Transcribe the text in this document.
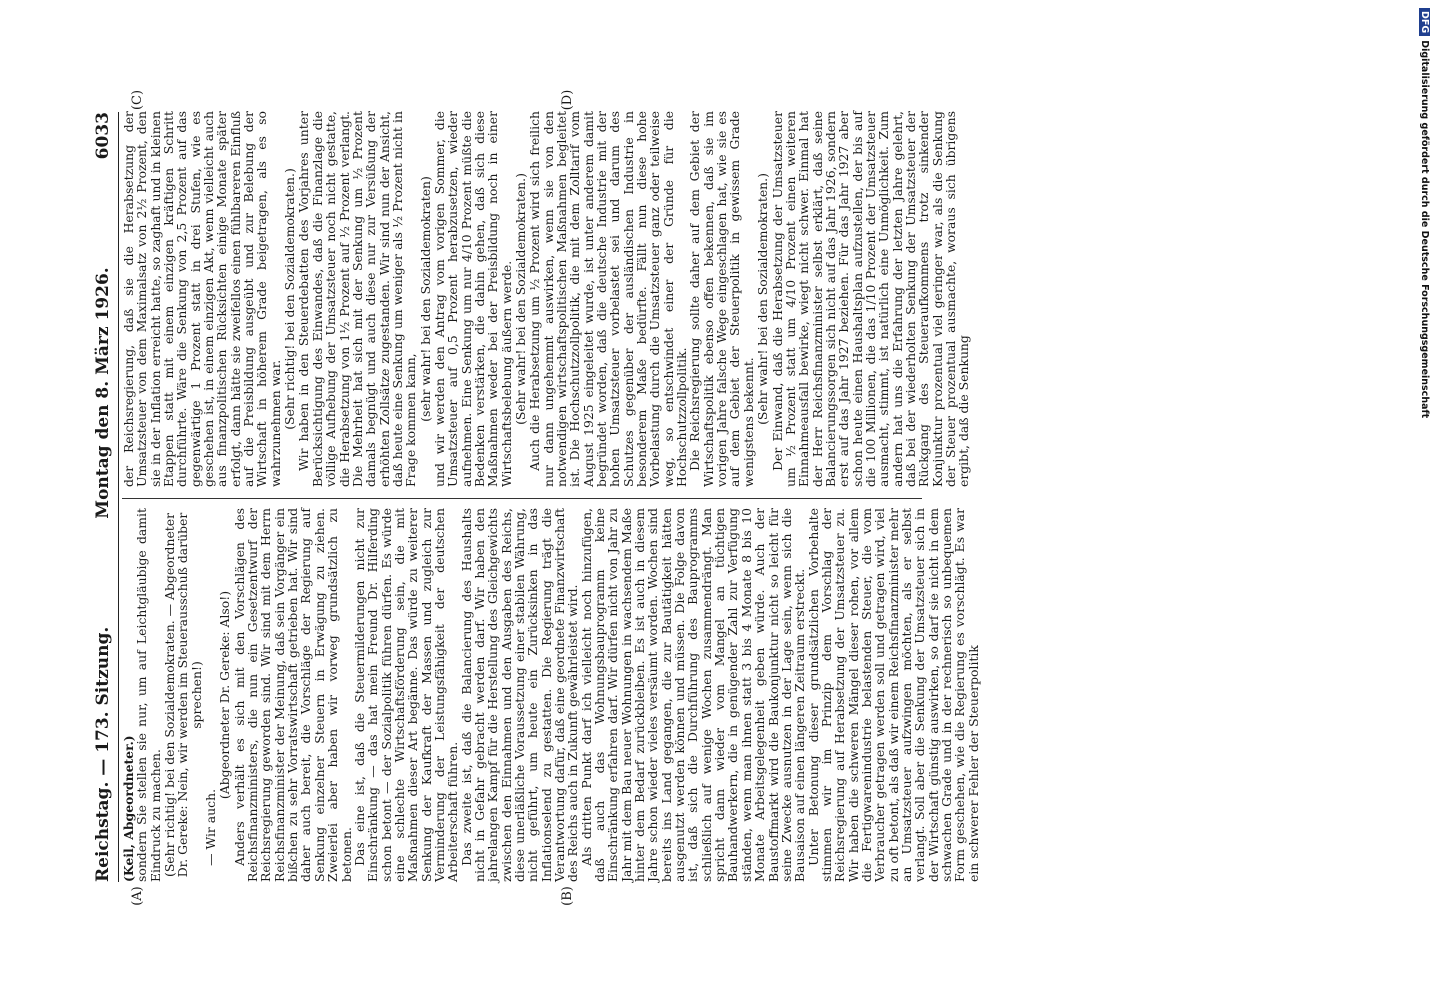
Reichstag. — 173. Sitzung.
Montag den 8. März 1926.
6033
(A)	(B)
(C)	(D)

(Keil, Abgeordneter.)

sondern Sie stellen sie nur, um auf Leichtgläubige damit Eindruck zu machen. (Sehr richtig! bei den Sozialdemokraten. — Abgeordneter Dr. Gereke: Nein, wir werden im Steuerausschuß darüber sprechen!)

— Wir auch.

(Abgeordneter Dr. Gereke: Also!) Anders verhält es sich mit den Vorschlägen des Reichsfinanzministers, die nun ein Gesetzentwurf der Reichsregierung geworden sind. Wir sind mit dem Herrn Reichsfinanzminister der Meinung, daß sein Vorgänger ein bißchen zu sehr Vorratswirtschaft getrieben hat. Wir sind daher auch bereit, die Vorschläge der Regierung auf Senkung einzelner Steuern in Erwägung zu ziehen. Zweierlei aber haben wir vorweg grundsätzlich zu betonen.

Das eine ist, daß die Steuermilderungen nicht zur Einschränkung — das hat mein Freund Dr. Hilferding schon betont — der Sozialpolitik führen dürfen. Es würde eine schlechte Wirtschaftsförderung sein, die mit Maßnahmen dieser Art begänne. Das würde zu weiterer Senkung der Kaufkraft der Massen und zugleich zur Verminderung der Leistungsfähigkeit der deutschen Arbeiterschaft führen.

Das zweite ist, daß die Balancierung des Haushalts nicht in Gefahr gebracht werden darf. Wir haben den jahrelangen Kampf für die Herstellung des Gleichgewichts zwischen den Einnahmen und den Ausgaben des Reichs, diese unerläßliche Voraussetzung einer stabilen Währung, nicht geführt, um heute ein Zurücksinken in das Inflationselend zu gestatten. Die Regierung trägt die Verantwortung dafür, daß eine geordnete Finanzwirtschaft des Reichs auch in Zukunft gewährleistet wird.

Als dritten Punkt darf ich vielleicht noch hinzufügen, daß auch das Wohnungsbauprogramm keine Einschränkung erfahren darf. Wir dürfen nicht von Jahr zu Jahr mit dem Bau neuer Wohnungen in wachsendem Maße hinter dem Bedarf zurückbleiben. Es ist auch in diesem Jahre schon wieder vieles versäumt worden. Wochen sind bereits ins Land gegangen, die zur Bautätigkeit hätten ausgenutzt werden können und müssen. Die Folge davon ist, daß sich die Durchführung des Bauprogramms schließlich auf wenige Wochen zusammendrängt. Man spricht dann wieder vom Mangel an tüchtigen Bauhandwerkern, die in genügender Zahl zur Verfügung ständen, wenn man ihnen statt 3 bis 4 Monate 8 bis 10 Monate Arbeitsgelegenheit geben würde. Auch der Baustoffmarkt wird die Baukonjunktur nicht so leicht für seine Zwecke ausnutzen in der Lage sein, wenn sich die Bausaison auf einen längeren Zeitraum erstreckt.

Unter Betonung dieser grundsätzlichen Vorbehalte stimmen wir im Prinzip dem Vorschlag der Reichsregierung auf Herabsetzung der Umsatzsteuer zu. Wir haben die schweren Mängel dieser rohen, vor allem die Fertigwarenindustrie belastenden Steuer, die vom Verbraucher getragen werden soll und getragen wird, viel zu oft betont, als daß wir einem Reichsfinanzminister mehr an Umsatzsteuer aufzwingen möchten, als er selbst verlangt. Soll aber die Senkung der Umsatzsteuer sich in der Wirtschaft günstig auswirken, so darf sie nicht in dem schwachen Grade und in der rechnerisch so unbequemen Form geschehen, wie die Regierung es vorschlägt. Es war ein schwerer Fehler der Steuerpolitik

der Reichsregierung, daß sie die Herabsetzung der Umsatzsteuer von dem Maximalsatz von 2½ Prozent, den sie in der Inflation erreicht hatte, so zaghaft und in kleinen Etappen statt mit einem einzigen kräftigen Schritt durchführte. Wäre die Senkung von 2,5 Prozent auf das gegenwärtige 1 Prozent statt in drei Stufen, wie es geschehen ist, in einem einzigen Akt, wenn vielleicht auch aus finanzpolitischen Rücksichten einige Monate später erfolgt, dann hätte sie zweifellos einen fühlbareren Einfluß auf die Preisbildung ausgeübt und zur Belebung der Wirtschaft in höherem Grade beigetragen, als es so wahrzunehmen war. (Sehr richtig! bei den Sozialdemokraten.) Wir haben in den Steuerdebatten des Vorjahres unter Berücksichtigung des Einwandes, daß die Finanzlage die völlige Aufhebung der Umsatzsteuer noch nicht gestatte, die Herabsetzung von 1½ Prozent auf ½ Prozent verlangt. Die Mehrheit hat sich mit der Senkung um ½ Prozent damals begnügt und auch diese nur zur Versüßung der erhöhten Zollsätze zugestanden. Wir sind nun der Ansicht, daß heute eine Senkung um weniger als ½ Prozent nicht in Frage kommen kann, (sehr wahr! bei den Sozialdemokraten) und wir werden den Antrag vom vorigen Sommer, die Umsatzsteuer auf 0,5 Prozent herabzusetzen, wieder aufnehmen. Eine Senkung um nur 4/10 Prozent müßte die Bedenken verstärken, die dahin gehen, daß sich diese Maßnahmen weder bei der Preisbildung noch in einer Wirtschaftsbelebung äußern werde. (Sehr wahr! bei den Sozialdemokraten.) Auch die Herabsetzung um ½ Prozent wird sich freilich nur dann ungehemmt auswirken, wenn sie von den notwendigen wirtschaftspolitischen Maßnahmen begleitet ist. Die Hochschutzzollpolitik, die mit dem Zolltarif vom August 1925 eingeleitet wurde, ist unter anderem damit begründet worden, daß die deutsche Industrie mit der hohen Umsatzsteuer vorbelastet sei und darum des Schutzes gegenüber der ausländischen Industrie in besonderem Maße bedürfte. Fällt nun diese hohe Vorbelastung durch die Umsatzsteuer ganz oder teilweise weg, so entschwindet einer der Gründe für die Hochschutzzollpolitik.

Die Reichsregierung sollte daher auf dem Gebiet der Wirtschaftspolitik ebenso offen bekennen, daß sie im vorigen Jahre falsche Wege eingeschlagen hat, wie sie es auf dem Gebiet der Steuerpolitik in gewissem Grade wenigstens bekennt. (Sehr wahr! bei den Sozialdemokraten.) Der Einwand, daß die Herabsetzung der Umsatzsteuer um ½ Prozent statt um 4/10 Prozent einen weiteren Einnahmeausfall bewirke, wiegt nicht schwer. Einmal hat der Herr Reichsfinanzminister selbst erklärt, daß seine Balancierungssorgen sich nicht auf das Jahr 1926, sondern erst auf das Jahr 1927 beziehen. Für das Jahr 1927 aber schon heute einen Haushaltsplan aufzustellen, der bis auf die 100 Millionen, die das 1/10 Prozent der Umsatzsteuer ausmacht, stimmt, ist natürlich eine Unmöglichkeit. Zum andern hat uns die Erfahrung der letzten Jahre gelehrt, daß bei der wiederholten Senkung der Umsatzsteuer der Rückgang des Steueraufkommens trotz sinkender Konjunktur prozentual viel geringer war, als die Senkung der Steuer prozentual ausmachte, woraus sich übrigens ergibt, daß die Senkung

DFGDigitalisierung gefördert durch die Deutsche Forschungsgemeinschaft
